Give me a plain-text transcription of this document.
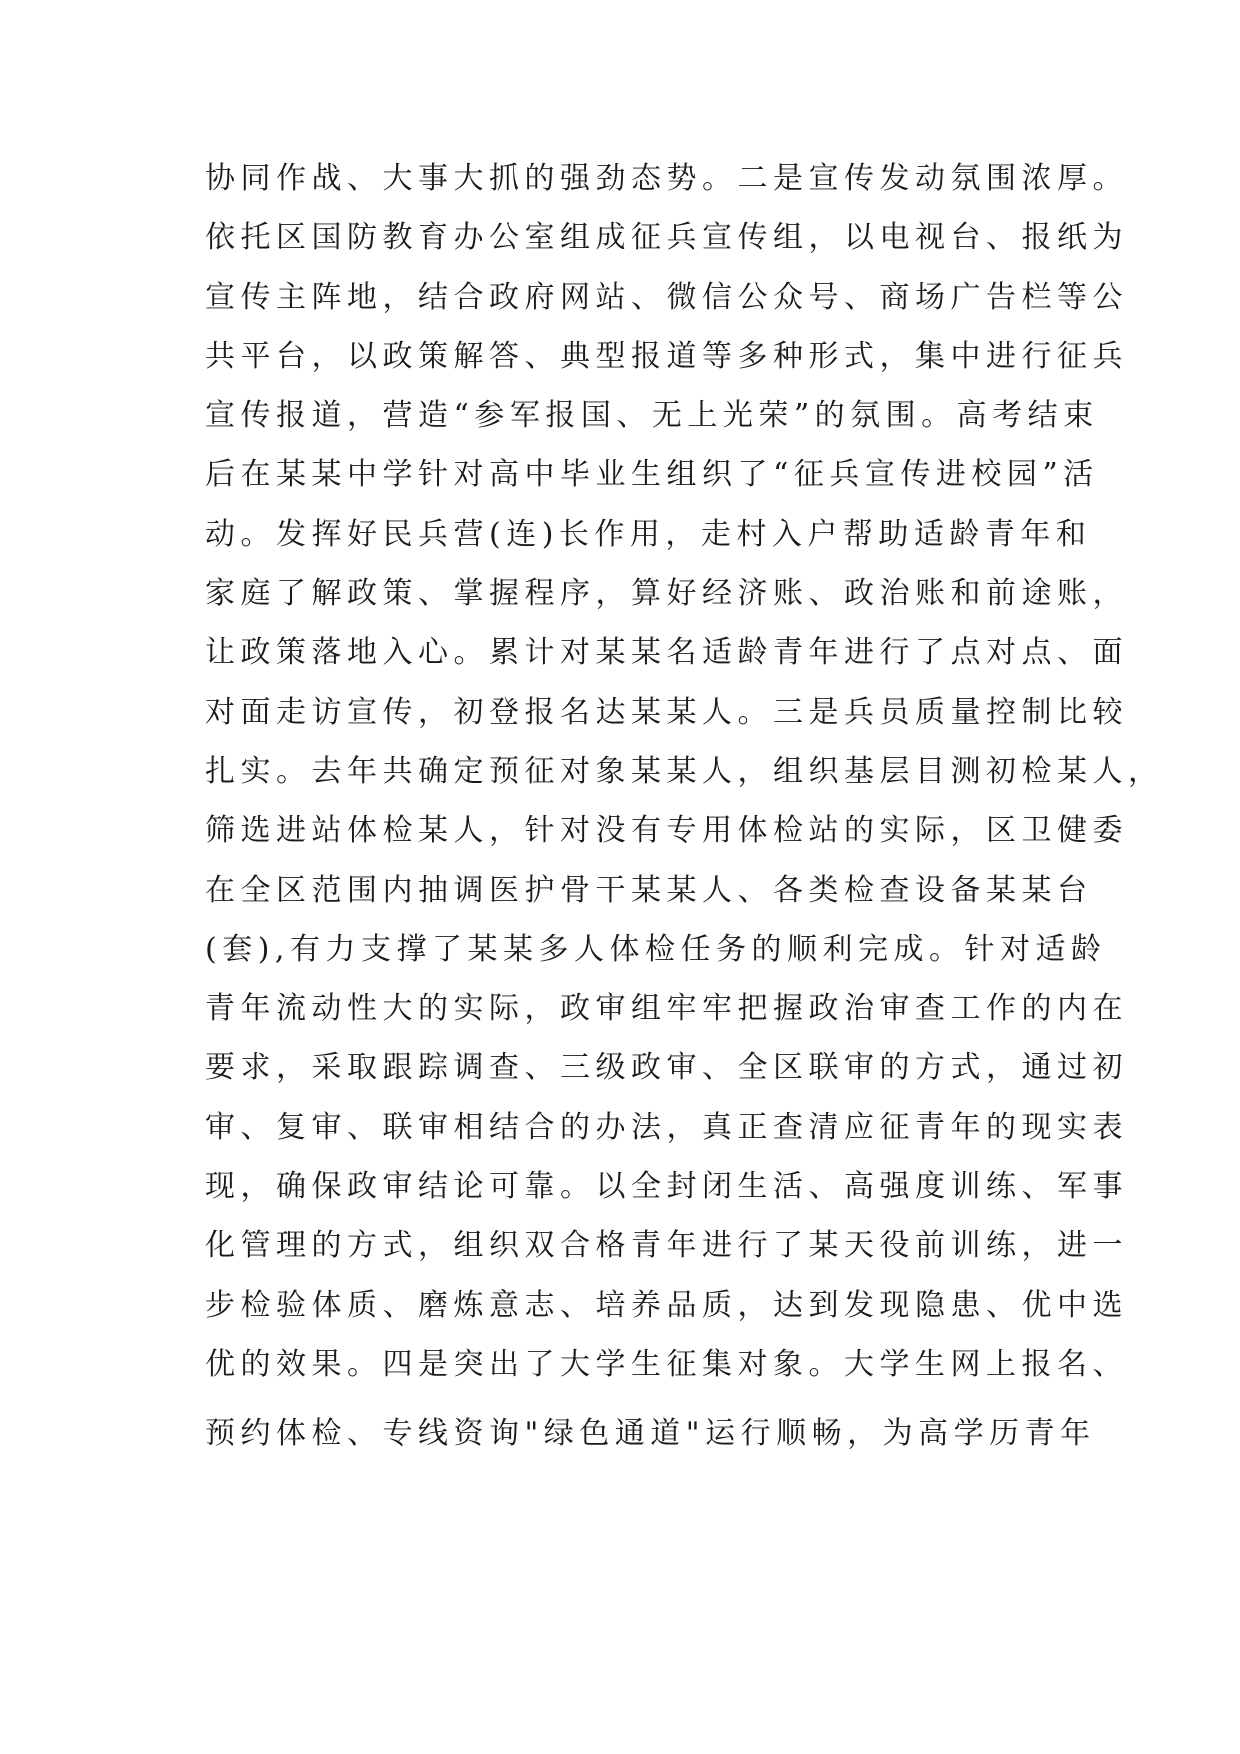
协同作战、大事大抓的强劲态势。二是宣传发动氛围浓厚。
依托区国防教育办公室组成征兵宣传组，以电视台、报纸为
宣传主阵地，结合政府网站、微信公众号、商场广告栏等公
共平台，以政策解答、典型报道等多种形式，集中进行征兵
宣传报道，营造“参军报国、无上光荣”的氛围。高考结束
后在某某中学针对高中毕业生组织了“征兵宣传进校园”活
动。发挥好民兵营(连)长作用，走村入户帮助适龄青年和
家庭了解政策、掌握程序，算好经济账、政治账和前途账，
让政策落地入心。累计对某某名适龄青年进行了点对点、面
对面走访宣传，初登报名达某某人。三是兵员质量控制比较
扎实。去年共确定预征对象某某人，组织基层目测初检某人，
筛选进站体检某人，针对没有专用体检站的实际，区卫健委
在全区范围内抽调医护骨干某某人、各类检查设备某某台
(套),有力支撑了某某多人体检任务的顺利完成。针对适龄
青年流动性大的实际，政审组牢牢把握政治审查工作的内在
要求，采取跟踪调查、三级政审、全区联审的方式，通过初
审、复审、联审相结合的办法，真正查清应征青年的现实表
现，确保政审结论可靠。以全封闭生活、高强度训练、军事
化管理的方式，组织双合格青年进行了某天役前训练，进一
步检验体质、磨炼意志、培养品质，达到发现隐患、优中选
优的效果。四是突出了大学生征集对象。大学生网上报名、
预约体检、专线资询"绿色通道"运行顺畅，为高学历青年
